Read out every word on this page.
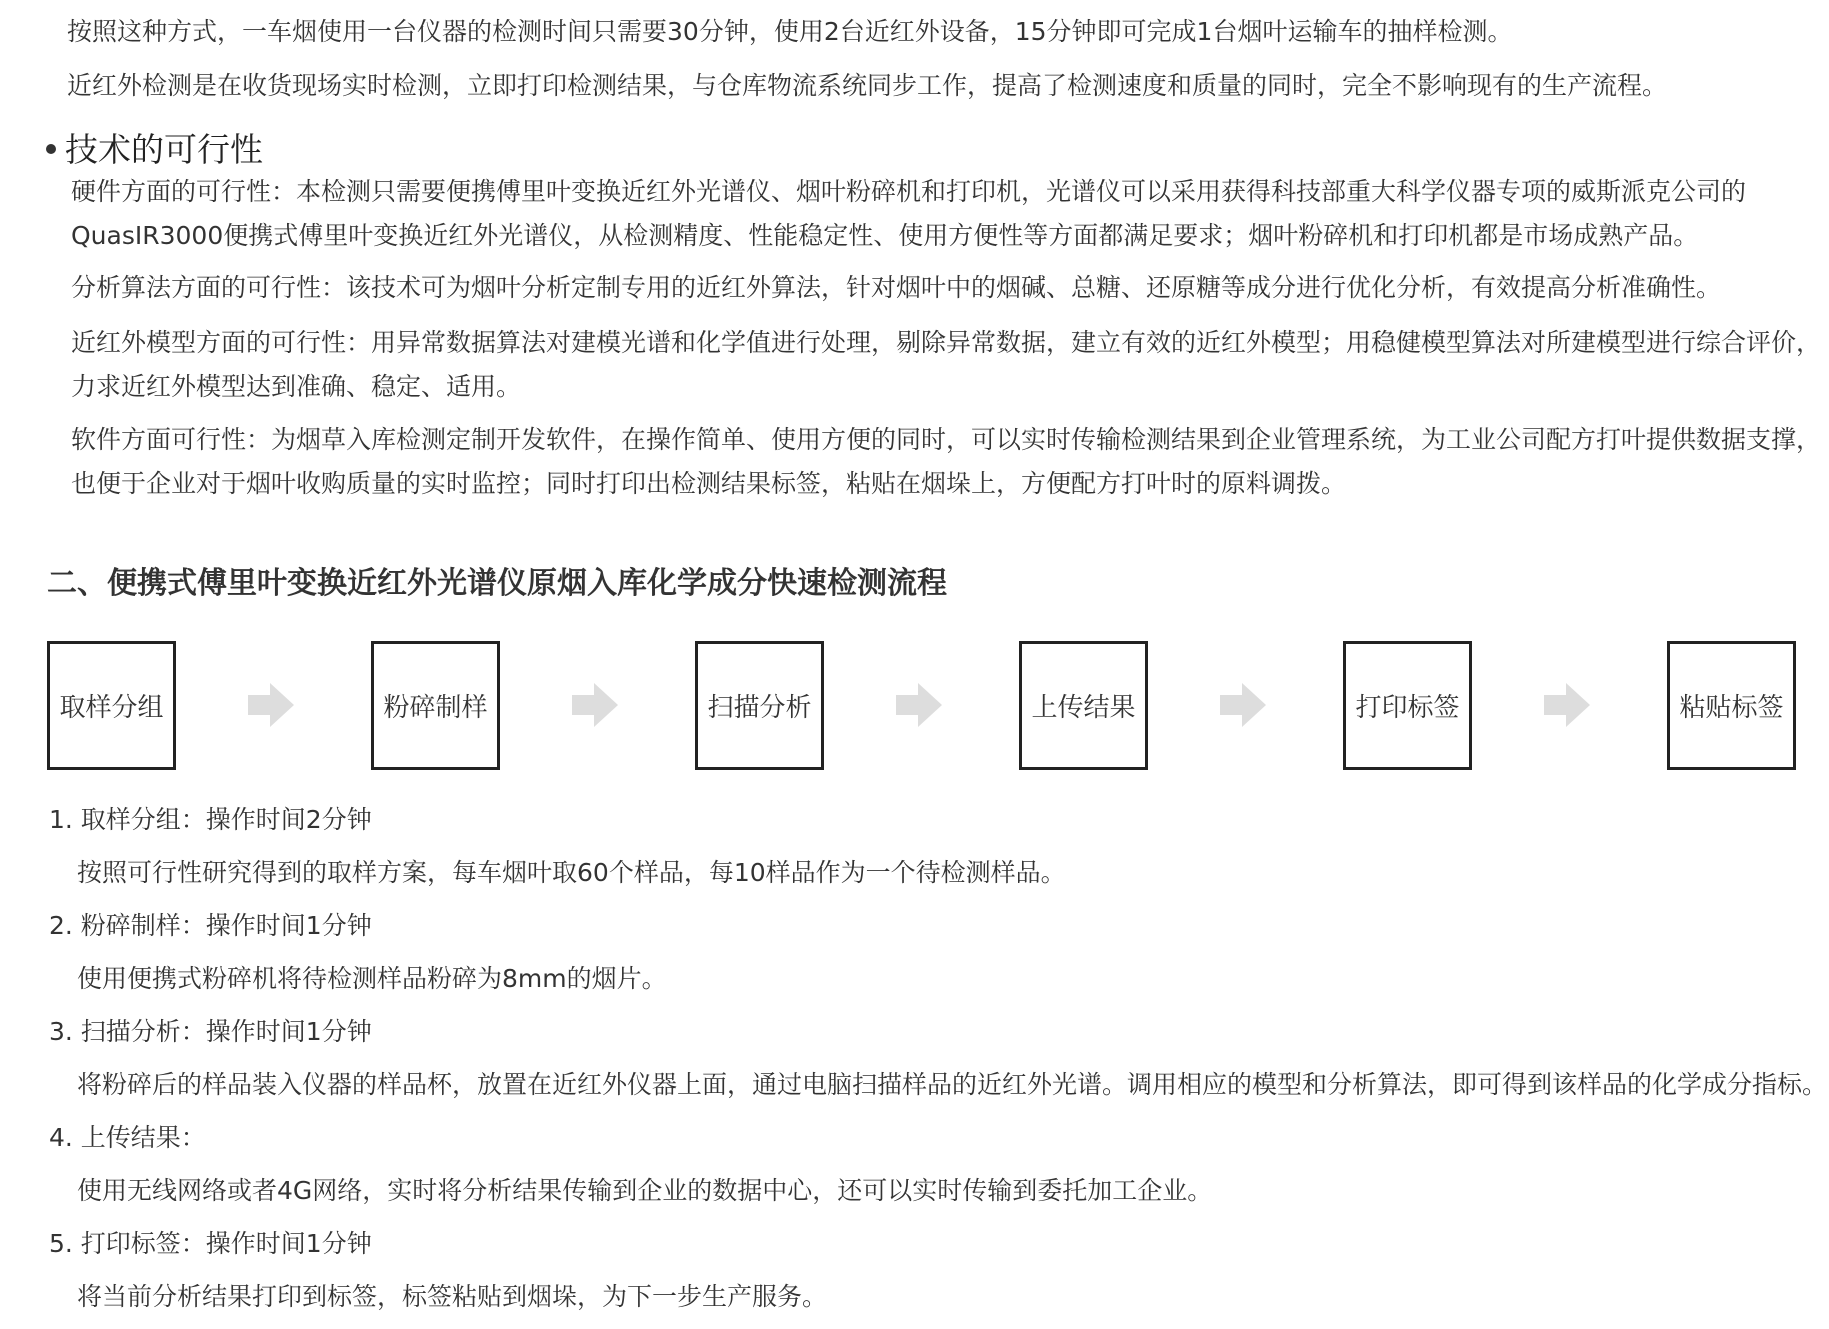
按照这种方式，一车烟使用一台仪器的检测时间只需要30分钟，使用2台近红外设备，15分钟即可完成1台烟叶运输车的抽样检测。

近红外检测是在收货现场实时检测，立即打印检测结果，与仓库物流系统同步工作，提高了检测速度和质量的同时，完全不影响现有的生产流程。

技术的可行性

硬件方面的可行性：本检测只需要便携傅里叶变换近红外光谱仪、烟叶粉碎机和打印机，光谱仪可以采用获得科技部重大科学仪器专项的威斯派克公司的

QuasIR3000便携式傅里叶变换近红外光谱仪，从检测精度、性能稳定性、使用方便性等方面都满足要求；烟叶粉碎机和打印机都是市场成熟产品。

分析算法方面的可行性：该技术可为烟叶分析定制专用的近红外算法，针对烟叶中的烟碱、总糖、还原糖等成分进行优化分析，有效提高分析准确性。

近红外模型方面的可行性：用异常数据算法对建模光谱和化学值进行处理，剔除异常数据，建立有效的近红外模型；用稳健模型算法对所建模型进行综合评价，

力求近红外模型达到准确、稳定、适用。

软件方面可行性：为烟草入库检测定制开发软件，在操作简单、使用方便的同时，可以实时传输检测结果到企业管理系统，为工业公司配方打叶提供数据支撑，

也便于企业对于烟叶收购质量的实时监控；同时打印出检测结果标签，粘贴在烟垛上，方便配方打叶时的原料调拨。

二、便携式傅里叶变换近红外光谱仪原烟入库化学成分快速检测流程
取样分组	粉碎制样	扫描分析	上传结果	打印标签	粘贴标签

1. 取样分组：操作时间2分钟

按照可行性研究得到的取样方案，每车烟叶取60个样品，每10样品作为一个待检测样品。

2. 粉碎制样：操作时间1分钟

使用便携式粉碎机将待检测样品粉碎为8mm的烟片。

3. 扫描分析：操作时间1分钟

将粉碎后的样品装入仪器的样品杯，放置在近红外仪器上面，通过电脑扫描样品的近红外光谱。调用相应的模型和分析算法，即可得到该样品的化学成分指标。

4. 上传结果：

使用无线网络或者4G网络，实时将分析结果传输到企业的数据中心，还可以实时传输到委托加工企业。

5. 打印标签：操作时间1分钟

将当前分析结果打印到标签，标签粘贴到烟垛，为下一步生产服务。
